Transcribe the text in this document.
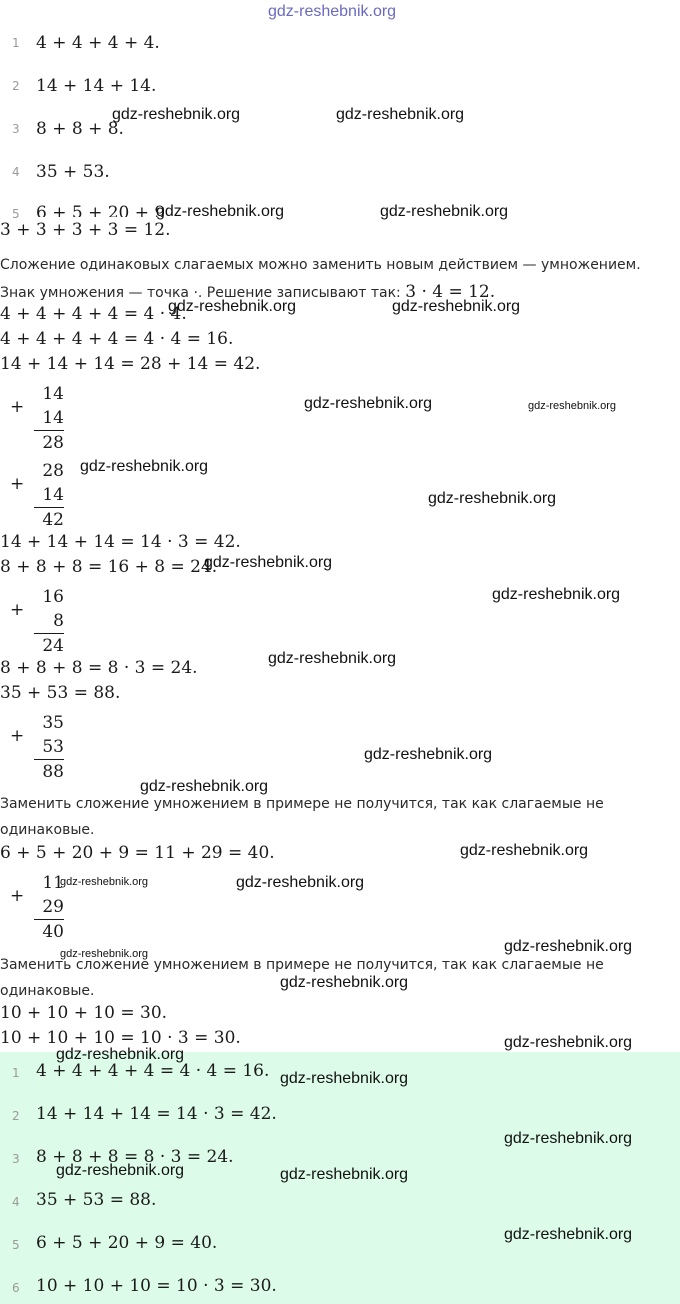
gdz-reshebnik.org
1 4 + 4 + 4 + 4.
2 14 + 14 + 14.
3 8 + 8 + 8.
4 35 + 53.
5 6 + 5 + 20 + 9
3 + 3 + 3 + 3 = 12.
Сложение одинаковых слагаемых можно заменить новым действием — умножением.
Знак умножения — точка ·. Решение записывают так: 3 · 4 = 12.
4 + 4 + 4 + 4 = 4 · 4.
4 + 4 + 4 + 4 = 4 · 4 = 16.
14 + 14 + 14 = 28 + 14 = 42.
+
14
14
28
+
28
14
42
14 + 14 + 14 = 14 · 3 = 42.
8 + 8 + 8 = 16 + 8 = 24.
+
16
8
24
8 + 8 + 8 = 8 · 3 = 24.
35 + 53 = 88.
+
35
53
88
Заменить сложение умножением в примере не получится, так как слагаемые не
одинаковые.
6 + 5 + 20 + 9 = 11 + 29 = 40.
+
11
29
40
Заменить сложение умножением в примере не получится, так как слагаемые не
одинаковые.
10 + 10 + 10 = 30.
10 + 10 + 10 = 10 · 3 = 30.
1 4 + 4 + 4 + 4 = 4 · 4 = 16.
2 14 + 14 + 14 = 14 · 3 = 42.
3 8 + 8 + 8 = 8 · 3 = 24.
4 35 + 53 = 88.
5 6 + 5 + 20 + 9 = 40.
6 10 + 10 + 10 = 10 · 3 = 30.
gdz-reshebnik.org	gdz-reshebnik.org
gdz-reshebnik.org	gdz-reshebnik.org
gdz-reshebnik.org	gdz-reshebnik.org
gdz-reshebnik.org	gdz-reshebnik.org
gdz-reshebnik.org
gdz-reshebnik.org
gdz-reshebnik.org
gdz-reshebnik.org
gdz-reshebnik.org
gdz-reshebnik.org
gdz-reshebnik.org
gdz-reshebnik.org
gdz-reshebnik.org	gdz-reshebnik.org
gdz-reshebnik.org	gdz-reshebnik.org
gdz-reshebnik.org
gdz-reshebnik.org
gdz-reshebnik.org
gdz-reshebnik.org
gdz-reshebnik.org
gdz-reshebnik.org	gdz-reshebnik.org
gdz-reshebnik.org
